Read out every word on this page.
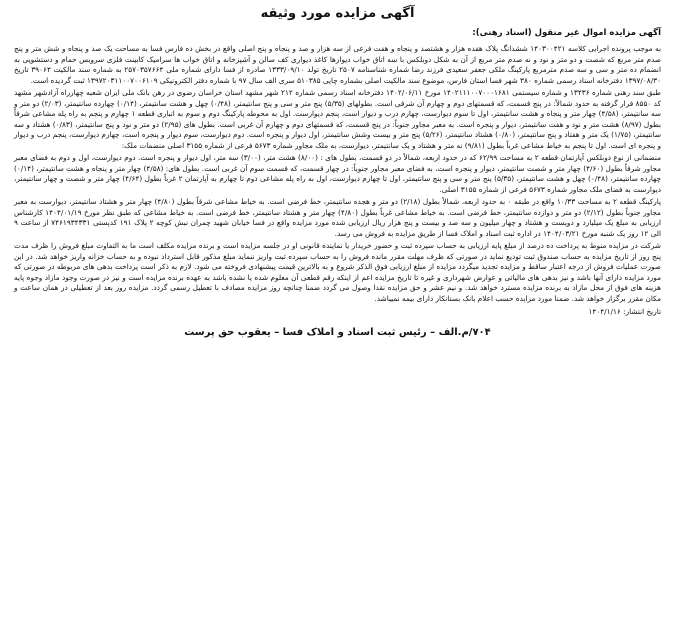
آگهی مزایده مورد وثیقه
آگهی مزایده اموال غیر منقول (اسناد رهنی):

به موجب پرونده اجرایی کلاسه ۱۴۰۳۰۰۴۲۱ ششدانگ پلاک هفده هزار و هشتصد و پنجاه و هفت فرعی از سه هزار و صد و پنجاه و پنج اصلی واقع در بخش ده فارس فسا به مساحت یک صد و پنجاه و شش متر و پنج صدم متر مربع که شصت و دو متر و نود و نه صدم متر مربع از آن به شکل دوبلکس با سه اتاق خواب دیوارها کاغذ دیواری کف سالن و آشپزخانه و اتاق خواب ها سرامیک کابینت فلزی سرویس حمام و دستشویی به انضمام ده متر و سی و سه صدم مترمربع پارکینگ ملکی جعفر سعیدی فرزند رضا شماره شناسنامه ۲۵۰۷ تاریخ تولد ۱۳۳۳/۰۹/۱۰ صادره از فسا دارای شماره ملی ۲۵۷۰۳۵۷۶۶۴ به شماره سند مالکیت ۳۹۰۶۴ تاریخ ۱۳۹۷/۰۸/۳۰ دفترخانه اسناد رسمی شماره ۳۸۰ شهر فسا استان فارس، موضوع سند مالکیت اصلی بشماره چاپی ۵۱۰۳۸۵ سری الف سال ۹۷ با شماره دفتر الکترونیکی ۱۳۹۷۲۰۳۱۱۰۰۷۰۰۶۱۰۹ ثبت گردیده است.

طبق سند رهنی شماره ۱۳۴۳۶ و شماره سیستمی ۱۴۰۲۱۱۱۰۰۷۰۰۰۱۶۸۱ مورخ ۱۴۰۲/۰۶/۱۱ دفترخانه اسناد رسمی شماره ۲۱۲ شهر مشهد استان خراسان رضوی در رهن بانک ملی ایران شعبه چهارراه آزادشهر مشهد کد ۸۵۵۰ قرار گرفته به حدود شمالاً: در پنج قسمت، که قسمتهای دوم و چهارم آن شرقی است. بطولهای (۵/۳۵) پنج متر و سی و پنج سانتیمتر، (۰/۴۸) چهل و هشت سانتیمتر، (۰/۱۴) چهارده سانتیمتر، (۲/۰۳) دو متر و سه سانتیمتر، (۴/۵۸) چهار متر و پنجاه و هشت سانتیمتر، اول تا سوم دیوارست، چهارم درب و دیوار است، پنجم دیوارست. اول به محوطه پارکینگ دوم و سوم به انباری قطعه ۱ چهارم و پنجم به راه پله مشاعی شرقاً بطول (۸/۹۷) هشت متر و نود و هفت سانتیمتر، دیوار و پنجره است. به معبر مجاور جنوباً: در پنج قسمت، که قسمتهای دوم و چهارم آن غربی است. بطول های (۲/۹۵) دو متر و نود و پنج سانتیمتر، (۰/۸۳) هشتاد و سه سانتیمتر، (۱/۷۵) یک متر و هفتاد و پنج سانتیمتر، (۰/۸۰) هشتاد سانتیمتر، (۵/۲۶) پنج متر و بیست وشش سانتیمتر، اول دیوار و پنجره است. دوم دیوارست، سوم دیوار و پنجره است، چهارم دیوارست، پنجم درب و دیوار و پنجره ای است. اول تا پنجم به خیاط مشاعی غرباً بطول (۹/۸۱) نه متر و هشتاد و یک سانتیمتر، دیوارست، به ملک مجاور شماره ۵۶۷۳ فرعی از شماره ۳۱۵۵ اصلی منضمات ملک:

منضمانی از نوع دوبلکس آپارتمان قطعه ۲ به مساحت ۶۲/۹۹ که در حدود اربعه، شمالاً در دو قسمت، بطول های : (۸/۰۰) هشت متر، (۳/۰۰) سه متر، اول دیوار و پنجره است. دوم دیوارست، اول و دوم به فضای معبر مجاور شرقاً بطول (۴/۶۰) چهار متر و شصت سانتیمتر، دیوار و پنجره است، به فضای معبر مجاور جنوباً: در چهار قسمت، که قسمت سوم آن غربی است. بطول های: (۴/۵۸) چهار متر و پنجاه و هشت سانتیمتر، (۰/۱۴) چهارده سانتیمتر، (۰/۴۸) چهل و هشت سانتیمتر، (۵/۳۵) پنج متر و سی و پنج سانتیمتر، اول تا چهارم دیوارست، اول به راه پله مشاعی دوم تا چهارم به آپارتمان ۲ غرباً بطول (۴/۶۴) چهار متر و شصت و چهار سانتیمتر، دیوارست به فضای ملک مجاور شماره ۵۶۷۳ فرعی از شماره ۳۱۵۵ اصلی.

پارکینگ قطعه ۲ به مساحت ۱۰/۳۳ واقع در طبقه ۰ به حدود اربعه، شمالاً بطول (۲/۱۸) دو متر و هجده سانتیمتر، خط فرضی است. به خیاط مشاعی شرقاً بطول (۴/۸۰) چهار متر و هشتاد سانتیمتر، دیوارست به معبر مجاور جنوباً بطول (۲/۱۲) دو متر و دوازده سانتیمتر، خط فرضی است. به خیاط مشاعی غرباً بطول (۴/۸۰) چهار متر و هشتاد سانتیمتر، خط فرضی است. به خیاط مشاعی که طبق نظر مورخ ۱۴۰۴/۰۱/۱۹ کارشناس ارزیابی به مبلغ یک میلیارد و دویست و هشتاد و چهار میلیون و سه صد و بیست و پنج هزار ریال ارزیابی شده مورد مزایده واقع در فسا خیابان شهید چمران نبش کوچه ۲ پلاک ۱۹۱ کدپستی ۷۴۶۱۹۳۴۳۳۱ از ساعت ۹ الی ۱۲ روز یک شنبه مورخ ۱۴۰۴/۰۳/۲۱ در اداره ثبت اسناد و املاک فسا از طریق مزایده به فروش می رسد.

شرکت در مزایده منوط به پرداخت ده درصد از مبلغ پایه ارزیابی به حساب سپرده ثبت و حضور خریدار یا نماینده قانونی او در جلسه مزایده است و برنده مزایده مکلف است ما به التفاوت مبلغ فروش را ظرف مدت پنج روز از تاریخ مزایده به حساب صندوق ثبت تودیع نماید در صورتی که ظرف مهلت مقرر مانده فروش را به حساب سپرده ثبت واریز ننماید مبلغ مذکور قابل استرداد نبوده و به حساب خزانه واریز خواهد شد. در این صورت عملیات فروش از درجه اعتبار ساقط و مزایده تجدید میگردد مزایده از مبلغ ارزیابی فوق الذکر شروع و به بالاترین قیمت پیشنهادی فروخته می شود. لازم به ذکر است پرداخت بدهی های مربوطه در صورتی که مورد مزایده دارای آنها باشد و نیز بدهی های مالیاتی و عوارض شهرداری و غیره تا تاریخ مزایده اعم از اینکه رقم قطعی آن معلوم شده یا نشده باشد به عهده برنده مزایده است و نیز در صورت وجود مازاد وجوه پایه هزینه های فوق از محل مازاد به برنده مزایده مسترد خواهد شد. و نیم عشر و حق مزایده نقدا وصول می گردد ضمنا چنانچه روز مزایده مصادف با تعطیل رسمی گردد. مزایده روز بعد از تعطیلی در همان ساعت و مکان مقرر برگزار خواهد شد. ضمنا مورد مزایده حسب اعلام بانک بستانکار دارای بیمه نمیباشد.

تاریخ انتشار: ۱۴۰۴/۱/۱۶
۷۰۴/م.الف – رئیس ثبت اسناد و املاک فسا – یعقوب حق پرست
